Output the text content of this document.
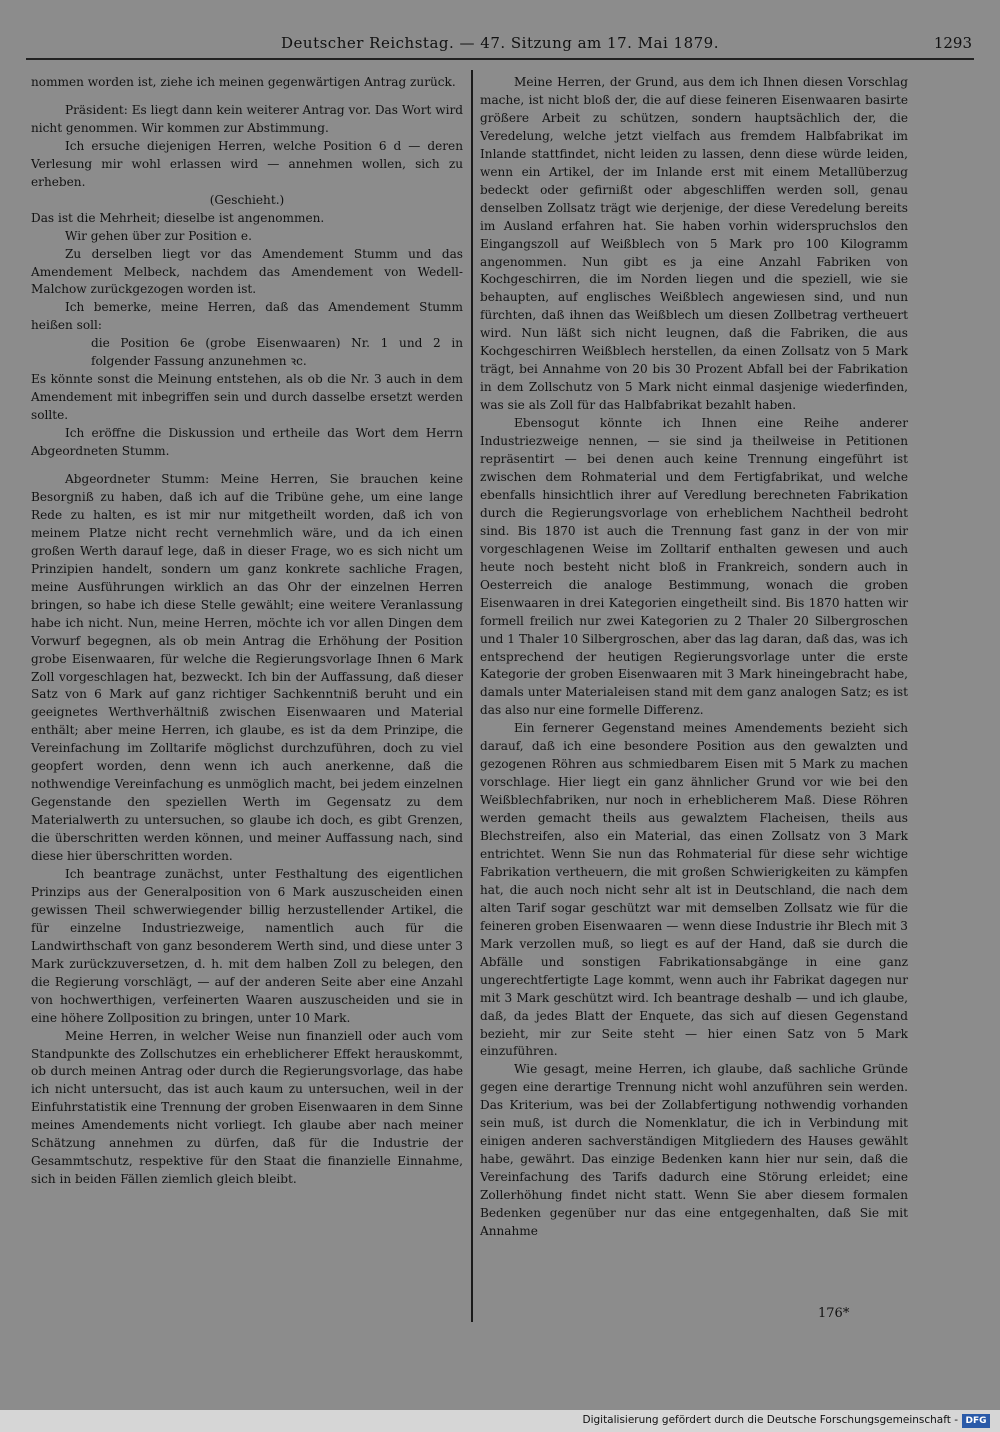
Deutscher Reichstag. — 47. Sitzung am 17. Mai 1879.	1293

nommen worden ist, ziehe ich meinen gegenwärtigen Antrag zurück.

Präsident: Es liegt dann kein weiterer Antrag vor. Das Wort wird nicht genommen. Wir kommen zur Abstimmung.

Ich ersuche diejenigen Herren, welche Position 6 d — deren Verlesung mir wohl erlassen wird — annehmen wollen, sich zu erheben.

(Geschieht.)

Das ist die Mehrheit; dieselbe ist angenommen.

Wir gehen über zur Position e.

Zu derselben liegt vor das Amendement Stumm und das Amendement Melbeck, nachdem das Amendement von Wedell-Malchow zurückgezogen worden ist.

Ich bemerke, meine Herren, daß das Amendement Stumm heißen soll:

die Position 6e (grobe Eisenwaaren) Nr. 1 und 2 in folgender Fassung anzunehmen ꝛc.

Es könnte sonst die Meinung entstehen, als ob die Nr. 3 auch in dem Amendement mit inbegriffen sein und durch dasselbe ersetzt werden sollte.

Ich eröffne die Diskussion und ertheile das Wort dem Herrn Abgeordneten Stumm.

Abgeordneter Stumm: Meine Herren, Sie brauchen keine Besorgniß zu haben, daß ich auf die Tribüne gehe, um eine lange Rede zu halten, es ist mir nur mitgetheilt worden, daß ich von meinem Platze nicht recht vernehmlich wäre, und da ich einen großen Werth darauf lege, daß in dieser Frage, wo es sich nicht um Prinzipien handelt, sondern um ganz konkrete sachliche Fragen, meine Ausführungen wirklich an das Ohr der einzelnen Herren bringen, so habe ich diese Stelle gewählt; eine weitere Veranlassung habe ich nicht. Nun, meine Herren, möchte ich vor allen Dingen dem Vorwurf begegnen, als ob mein Antrag die Erhöhung der Position grobe Eisenwaaren, für welche die Regierungsvorlage Ihnen 6 Mark Zoll vorgeschlagen hat, bezweckt. Ich bin der Auffassung, daß dieser Satz von 6 Mark auf ganz richtiger Sachkenntniß beruht und ein geeignetes Werthverhältniß zwischen Eisenwaaren und Material enthält; aber meine Herren, ich glaube, es ist da dem Prinzipe, die Vereinfachung im Zolltarife möglichst durchzuführen, doch zu viel geopfert worden, denn wenn ich auch anerkenne, daß die nothwendige Vereinfachung es unmöglich macht, bei jedem einzelnen Gegenstande den speziellen Werth im Gegensatz zu dem Materialwerth zu untersuchen, so glaube ich doch, es gibt Grenzen, die überschritten werden können, und meiner Auffassung nach, sind diese hier überschritten worden.

Ich beantrage zunächst, unter Festhaltung des eigentlichen Prinzips aus der Generalposition von 6 Mark auszuscheiden einen gewissen Theil schwerwiegender billig herzustellender Artikel, die für einzelne Industriezweige, namentlich auch für die Landwirthschaft von ganz besonderem Werth sind, und diese unter 3 Mark zurückzuversetzen, d. h. mit dem halben Zoll zu belegen, den die Regierung vorschlägt, — auf der anderen Seite aber eine Anzahl von hochwerthigen, verfeinerten Waaren auszuscheiden und sie in eine höhere Zollposition zu bringen, unter 10 Mark.

Meine Herren, in welcher Weise nun finanziell oder auch vom Standpunkte des Zollschutzes ein erheblicherer Effekt herauskommt, ob durch meinen Antrag oder durch die Regierungsvorlage, das habe ich nicht untersucht, das ist auch kaum zu untersuchen, weil in der Einfuhrstatistik eine Trennung der groben Eisenwaaren in dem Sinne meines Amendements nicht vorliegt. Ich glaube aber nach meiner Schätzung annehmen zu dürfen, daß für die Industrie der Gesammtschutz, respektive für den Staat die finanzielle Einnahme, sich in beiden Fällen ziemlich gleich bleibt.

Meine Herren, der Grund, aus dem ich Ihnen diesen Vorschlag mache, ist nicht bloß der, die auf diese feineren Eisenwaaren basirte größere Arbeit zu schützen, sondern hauptsächlich der, die Veredelung, welche jetzt vielfach aus fremdem Halbfabrikat im Inlande stattfindet, nicht leiden zu lassen, denn diese würde leiden, wenn ein Artikel, der im Inlande erst mit einem Metallüberzug bedeckt oder gefirnißt oder abgeschliffen werden soll, genau denselben Zollsatz trägt wie derjenige, der diese Veredelung bereits im Ausland erfahren hat. Sie haben vorhin widerspruchslos den Eingangszoll auf Weißblech von 5 Mark pro 100 Kilogramm angenommen. Nun gibt es ja eine Anzahl Fabriken von Kochgeschirren, die im Norden liegen und die speziell, wie sie behaupten, auf englisches Weißblech angewiesen sind, und nun fürchten, daß ihnen das Weißblech um diesen Zollbetrag vertheuert wird. Nun läßt sich nicht leugnen, daß die Fabriken, die aus Kochgeschirren Weißblech herstellen, da einen Zollsatz von 5 Mark trägt, bei Annahme von 20 bis 30 Prozent Abfall bei der Fabrikation in dem Zollschutz von 5 Mark nicht einmal dasjenige wiederfinden, was sie als Zoll für das Halbfabrikat bezahlt haben.

Ebensogut könnte ich Ihnen eine Reihe anderer Industriezweige nennen, — sie sind ja theilweise in Petitionen repräsentirt — bei denen auch keine Trennung eingeführt ist zwischen dem Rohmaterial und dem Fertigfabrikat, und welche ebenfalls hinsichtlich ihrer auf Veredlung berechneten Fabrikation durch die Regierungsvorlage von erheblichem Nachtheil bedroht sind. Bis 1870 ist auch die Trennung fast ganz in der von mir vorgeschlagenen Weise im Zolltarif enthalten gewesen und auch heute noch besteht nicht bloß in Frankreich, sondern auch in Oesterreich die analoge Bestimmung, wonach die groben Eisenwaaren in drei Kategorien eingetheilt sind. Bis 1870 hatten wir formell freilich nur zwei Kategorien zu 2 Thaler 20 Silbergroschen und 1 Thaler 10 Silbergroschen, aber das lag daran, daß das, was ich entsprechend der heutigen Regierungsvorlage unter die erste Kategorie der groben Eisenwaaren mit 3 Mark hineingebracht habe, damals unter Materialeisen stand mit dem ganz analogen Satz; es ist das also nur eine formelle Differenz.

Ein fernerer Gegenstand meines Amendements bezieht sich darauf, daß ich eine besondere Position aus den gewalzten und gezogenen Röhren aus schmiedbarem Eisen mit 5 Mark zu machen vorschlage. Hier liegt ein ganz ähnlicher Grund vor wie bei den Weißblechfabriken, nur noch in erheblicherem Maß. Diese Röhren werden gemacht theils aus gewalztem Flacheisen, theils aus Blechstreifen, also ein Material, das einen Zollsatz von 3 Mark entrichtet. Wenn Sie nun das Rohmaterial für diese sehr wichtige Fabrikation vertheuern, die mit großen Schwierigkeiten zu kämpfen hat, die auch noch nicht sehr alt ist in Deutschland, die nach dem alten Tarif sogar geschützt war mit demselben Zollsatz wie für die feineren groben Eisenwaaren — wenn diese Industrie ihr Blech mit 3 Mark verzollen muß, so liegt es auf der Hand, daß sie durch die Abfälle und sonstigen Fabrikationsabgänge in eine ganz ungerechtfertigte Lage kommt, wenn auch ihr Fabrikat dagegen nur mit 3 Mark geschützt wird. Ich beantrage deshalb — und ich glaube, daß, da jedes Blatt der Enquete, das sich auf diesen Gegenstand bezieht, mir zur Seite steht — hier einen Satz von 5 Mark einzuführen.

Wie gesagt, meine Herren, ich glaube, daß sachliche Gründe gegen eine derartige Trennung nicht wohl anzuführen sein werden. Das Kriterium, was bei der Zollabfertigung nothwendig vorhanden sein muß, ist durch die Nomenklatur, die ich in Verbindung mit einigen anderen sachverständigen Mitgliedern des Hauses gewählt habe, gewährt. Das einzige Bedenken kann hier nur sein, daß die Vereinfachung des Tarifs dadurch eine Störung erleidet; eine Zollerhöhung findet nicht statt. Wenn Sie aber diesem formalen Bedenken gegenüber nur das eine entgegenhalten, daß Sie mit Annahme

176*
Digitalisierung gefördert durch die Deutsche Forschungsgemeinschaft - DFG
